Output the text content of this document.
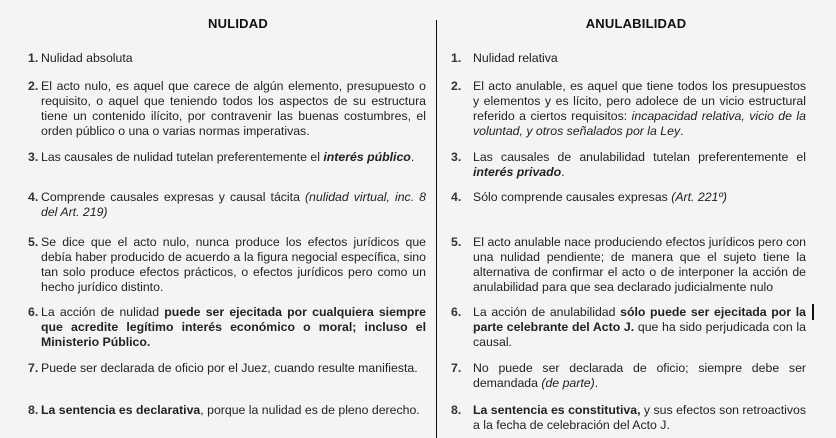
NULIDAD	ANULABILIDAD
1. Nulidad absoluta
2. El acto nulo, es aquel que carece de algún elemento, presupuesto o requisito, o aquel que teniendo todos los aspectos de su estructura tiene un contenido ilícito, por contravenir las buenas costumbres, el orden público o una o varias normas imperativas.
3. Las causales de nulidad tutelan preferentemente el interés público.
4. Comprende causales expresas y causal tácita (nulidad virtual, inc. 8 del Art. 219)
5. Se dice que el acto nulo, nunca produce los efectos jurídicos que debía haber producido de acuerdo a la figura negocial específica, sino tan solo produce efectos prácticos, o efectos jurídicos pero como un hecho jurídico distinto.
6. La acción de nulidad puede ser ejecitada por cualquiera siempre que acredite legítimo interés económico o moral; incluso el Ministerio Público.
7. Puede ser declarada de oficio por el Juez, cuando resulte manifiesta.
8. La sentencia es declarativa, porque la nulidad es de pleno derecho.
1. Nulidad relativa
2. El acto anulable, es aquel que tiene todos los presupuestos y elementos y es lícito, pero adolece de un vicio estructural referido a ciertos requisitos: incapacidad relativa, vicio de la voluntad, y otros señalados por la Ley.
3. Las causales de anulabilidad tutelan preferentemente el interés privado.
4. Sólo comprende causales expresas (Art. 221º)
5. El acto anulable nace produciendo efectos jurídicos pero con una nulidad pendiente; de manera que el sujeto tiene la alternativa de confirmar el acto o de interponer la acción de anulabilidad para que sea declarado judicialmente nulo
6. La acción de anulabilidad sólo puede ser ejecitada por la parte celebrante del Acto J. que ha sido perjudicada con la causal.
7. No puede ser declarada de oficio; siempre debe ser demandada (de parte).
8. La sentencia es constitutiva, y sus efectos son retroactivos a la fecha de celebración del Acto J.
